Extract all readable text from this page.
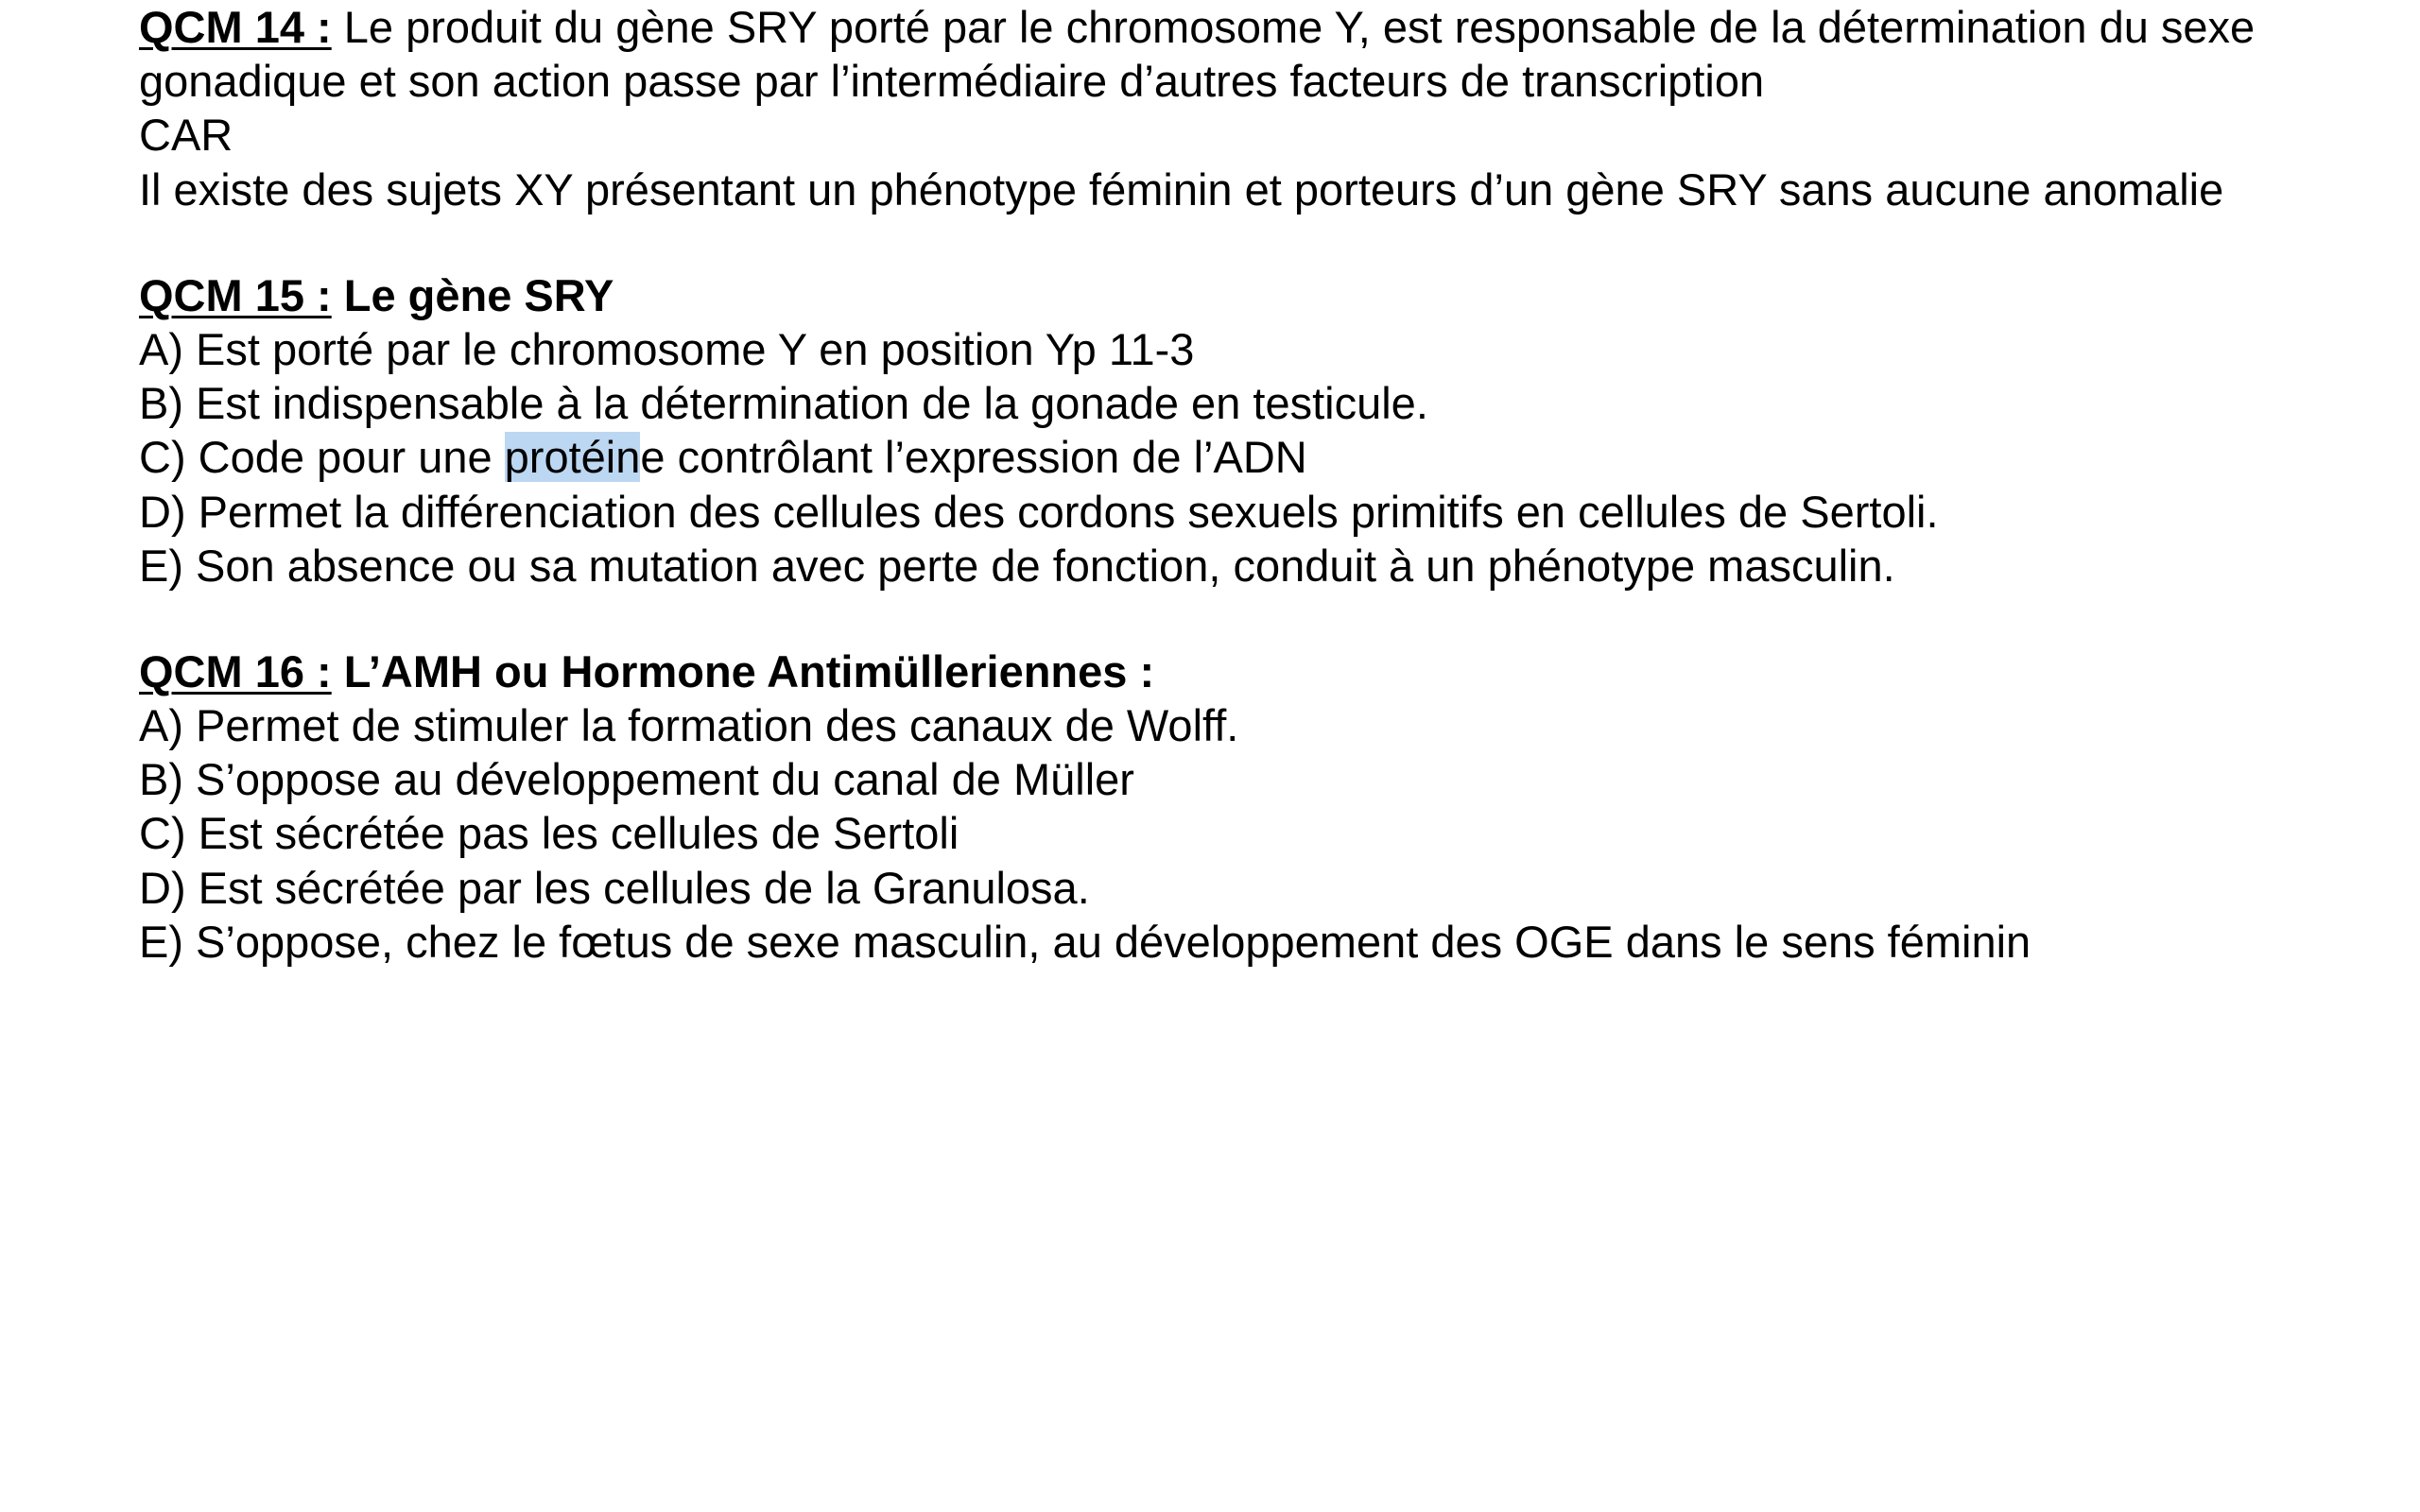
QCM 14 : Le produit du gène SRY porté par le chromosome Y, est responsable de la détermination du sexe
gonadique et son action passe par l’intermédiaire d’autres facteurs de transcription
CAR
Il existe des sujets XY présentant un phénotype féminin et porteurs d’un gène SRY sans aucune anomalie
QCM 15 : Le gène SRY
A) Est porté par le chromosome Y en position Yp 11-3
B) Est indispensable à la détermination de la gonade en testicule.
C) Code pour une protéine contrôlant l’expression de l’ADN
D) Permet la différenciation des cellules des cordons sexuels primitifs en cellules de Sertoli.
E) Son absence ou sa mutation avec perte de fonction, conduit à un phénotype masculin.
QCM 16 : L’AMH ou Hormone Antimülleriennes :
A) Permet de stimuler la formation des canaux de Wolff.
B) S’oppose au développement du canal de Müller
C) Est sécrétée pas les cellules de Sertoli
D) Est sécrétée par les cellules de la Granulosa.
E) S’oppose, chez le fœtus de sexe masculin, au développement des OGE dans le sens féminin
